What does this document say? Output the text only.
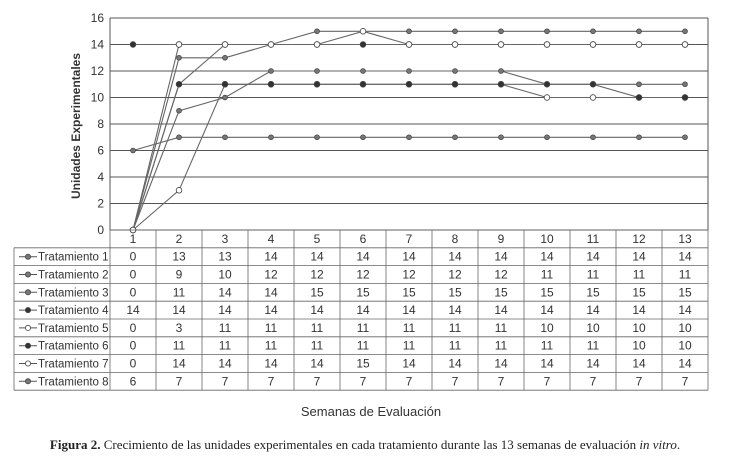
0
2
4
6
8
10
12
14
16
Unidades Experimentales
1	2	3	4	5	6	7	8	9	10	11	12	13
Tratamiento 1 0	13	13	14	14	14	14	14	14	14	14	14	14
Tratamiento 2 0	9	10	12	12	12	12	12	12	11	11	11	11
Tratamiento 3 0	11	14	14	15	15	15	15	15	15	15	15	15
Tratamiento 4 14	14	14	14	14	14	14	14	14	14	14	14	14
Tratamiento 5 0	3	11	11	11	11	11	11	11	10	10	10	10
Tratamiento 6 0	11	11	11	11	11	11	11	11	11	11	10	10
Tratamiento 7 0	14	14	14	14	15	14	14	14	14	14	14	14
Tratamiento 8 6	7	7	7	7	7	7	7	7	7	7	7	7
Semanas de Evaluación
Figura 2. Crecimiento de las unidades experimentales en cada tratamiento durante las 13 semanas de evaluación in vitro.
